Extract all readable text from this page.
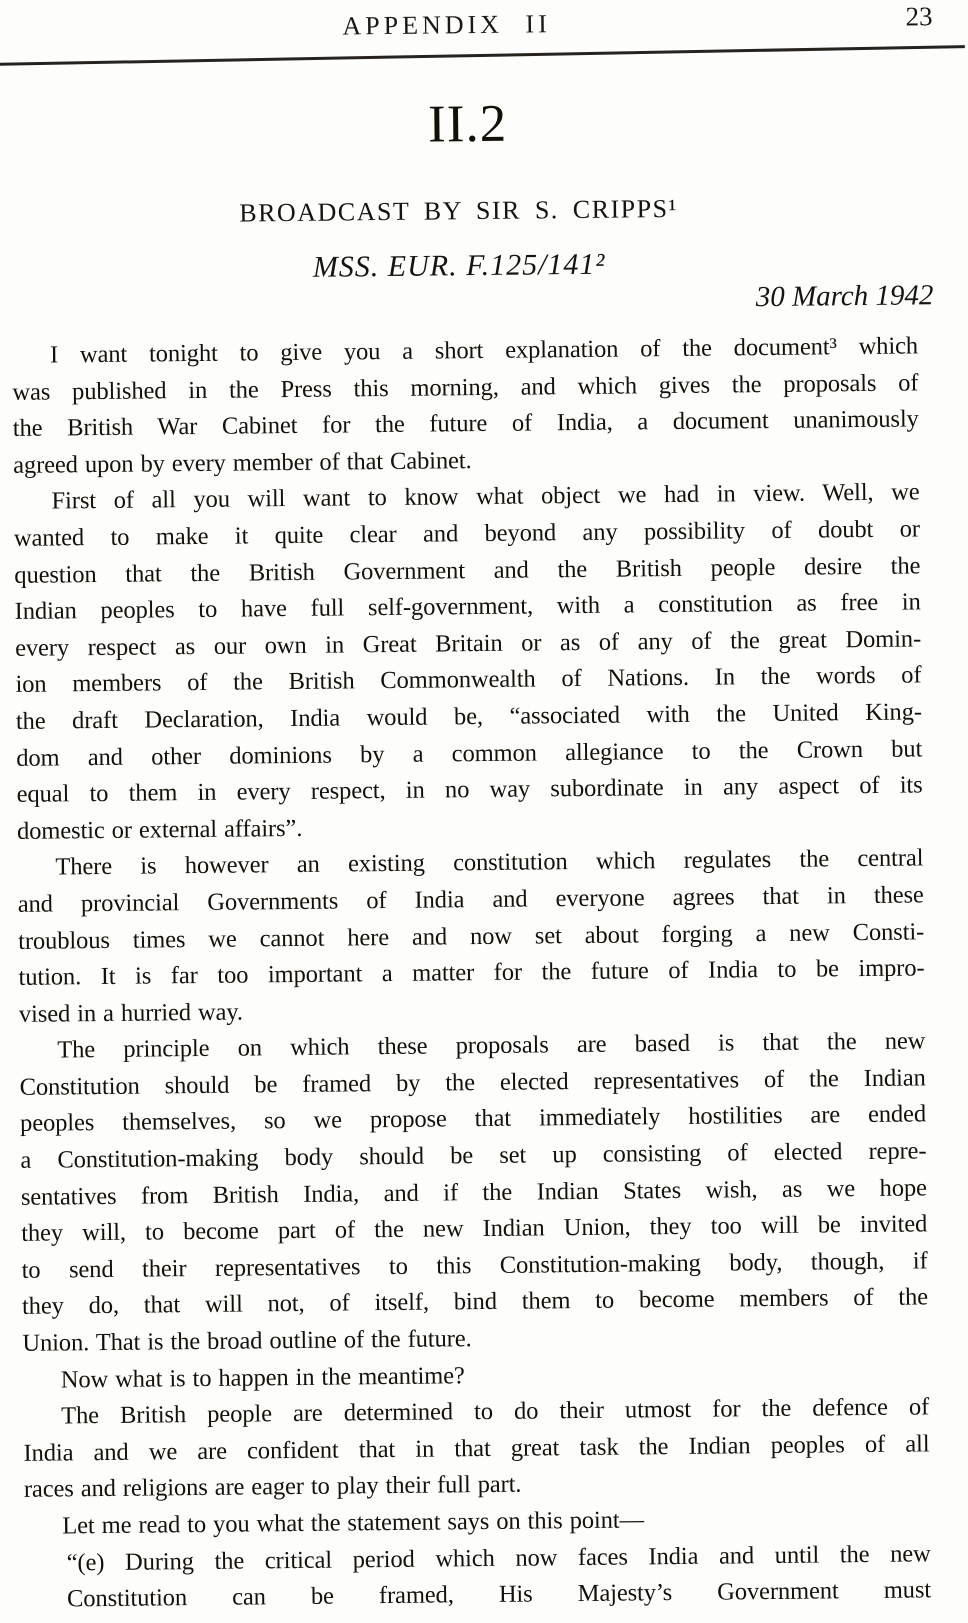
APPENDIX II	23
II.2
BROADCAST BY SIR S. CRIPPS¹
MSS. EUR. F.125/141²
30 March 1942
I want tonight to give you a short explanation of the document³ which
was published in the Press this morning, and which gives the proposals of
the British War Cabinet for the future of India, a document unanimously
agreed upon by every member of that Cabinet.
First of all you will want to know what object we had in view. Well, we
wanted to make it quite clear and beyond any possibility of doubt or
question that the British Government and the British people desire the
Indian peoples to have full self-government, with a constitution as free in
every respect as our own in Great Britain or as of any of the great Domin-
ion members of the British Commonwealth of Nations. In the words of
the draft Declaration, India would be, “associated with the United King-
dom and other dominions by a common allegiance to the Crown but
equal to them in every respect, in no way subordinate in any aspect of its
domestic or external affairs”.
There is however an existing constitution which regulates the central
and provincial Governments of India and everyone agrees that in these
troublous times we cannot here and now set about forging a new Consti-
tution. It is far too important a matter for the future of India to be impro-
vised in a hurried way.
The principle on which these proposals are based is that the new
Constitution should be framed by the elected representatives of the Indian
peoples themselves, so we propose that immediately hostilities are ended
a Constitution-making body should be set up consisting of elected repre-
sentatives from British India, and if the Indian States wish, as we hope
they will, to become part of the new Indian Union, they too will be invited
to send their representatives to this Constitution-making body, though, if
they do, that will not, of itself, bind them to become members of the
Union. That is the broad outline of the future.
Now what is to happen in the meantime?
The British people are determined to do their utmost for the defence of
India and we are confident that in that great task the Indian peoples of all
races and religions are eager to play their full part.
Let me read to you what the statement says on this point—
“(e) During the critical period which now faces India and until the new
Constitution can be framed, His Majesty’s Government must
